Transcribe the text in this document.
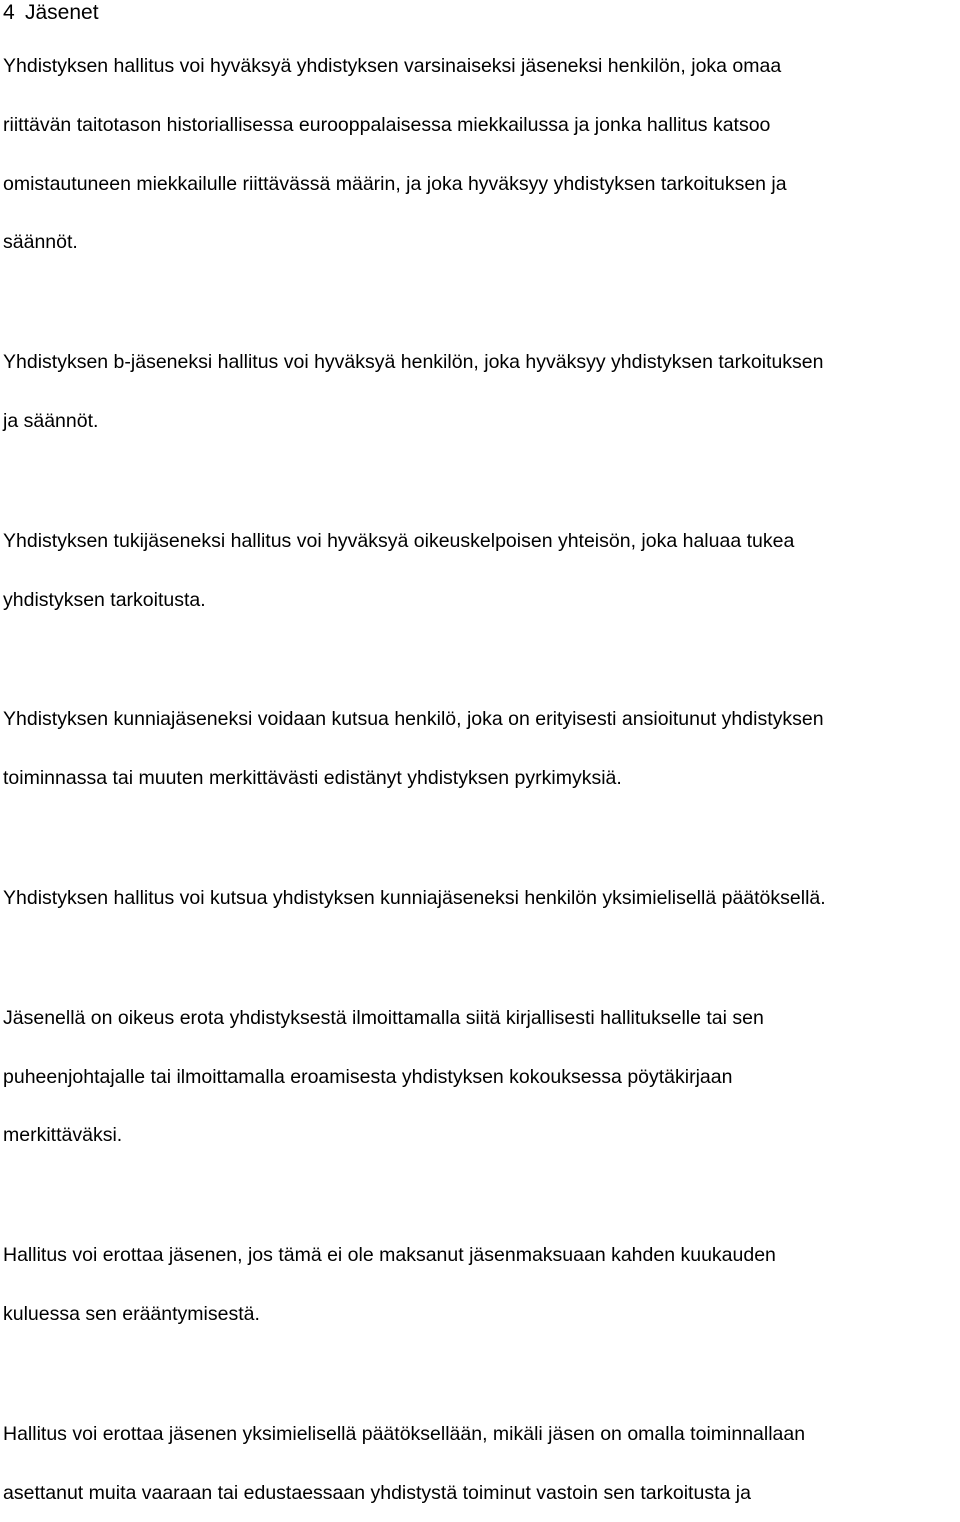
4 Jäsenet
Yhdistyksen hallitus voi hyväksyä yhdistyksen varsinaiseksi jäseneksi henkilön, joka omaa
riittävän taitotason historiallisessa eurooppalaisessa miekkailussa ja jonka hallitus katsoo
omistautuneen miekkailulle riittävässä määrin, ja joka hyväksyy yhdistyksen tarkoituksen ja
säännöt.
Yhdistyksen b-jäseneksi hallitus voi hyväksyä henkilön, joka hyväksyy yhdistyksen tarkoituksen
ja säännöt.
Yhdistyksen tukijäseneksi hallitus voi hyväksyä oikeuskelpoisen yhteisön, joka haluaa tukea
yhdistyksen tarkoitusta.
Yhdistyksen kunniajäseneksi voidaan kutsua henkilö, joka on erityisesti ansioitunut yhdistyksen
toiminnassa tai muuten merkittävästi edistänyt yhdistyksen pyrkimyksiä.
Yhdistyksen hallitus voi kutsua yhdistyksen kunniajäseneksi henkilön yksimielisellä päätöksellä.
Jäsenellä on oikeus erota yhdistyksestä ilmoittamalla siitä kirjallisesti hallitukselle tai sen
puheenjohtajalle tai ilmoittamalla eroamisesta yhdistyksen kokouksessa pöytäkirjaan
merkittäväksi.
Hallitus voi erottaa jäsenen, jos tämä ei ole maksanut jäsenmaksuaan kahden kuukauden
kuluessa sen erääntymisestä.
Hallitus voi erottaa jäsenen yksimielisellä päätöksellään, mikäli jäsen on omalla toiminnallaan
asettanut muita vaaraan tai edustaessaan yhdistystä toiminut vastoin sen tarkoitusta ja
